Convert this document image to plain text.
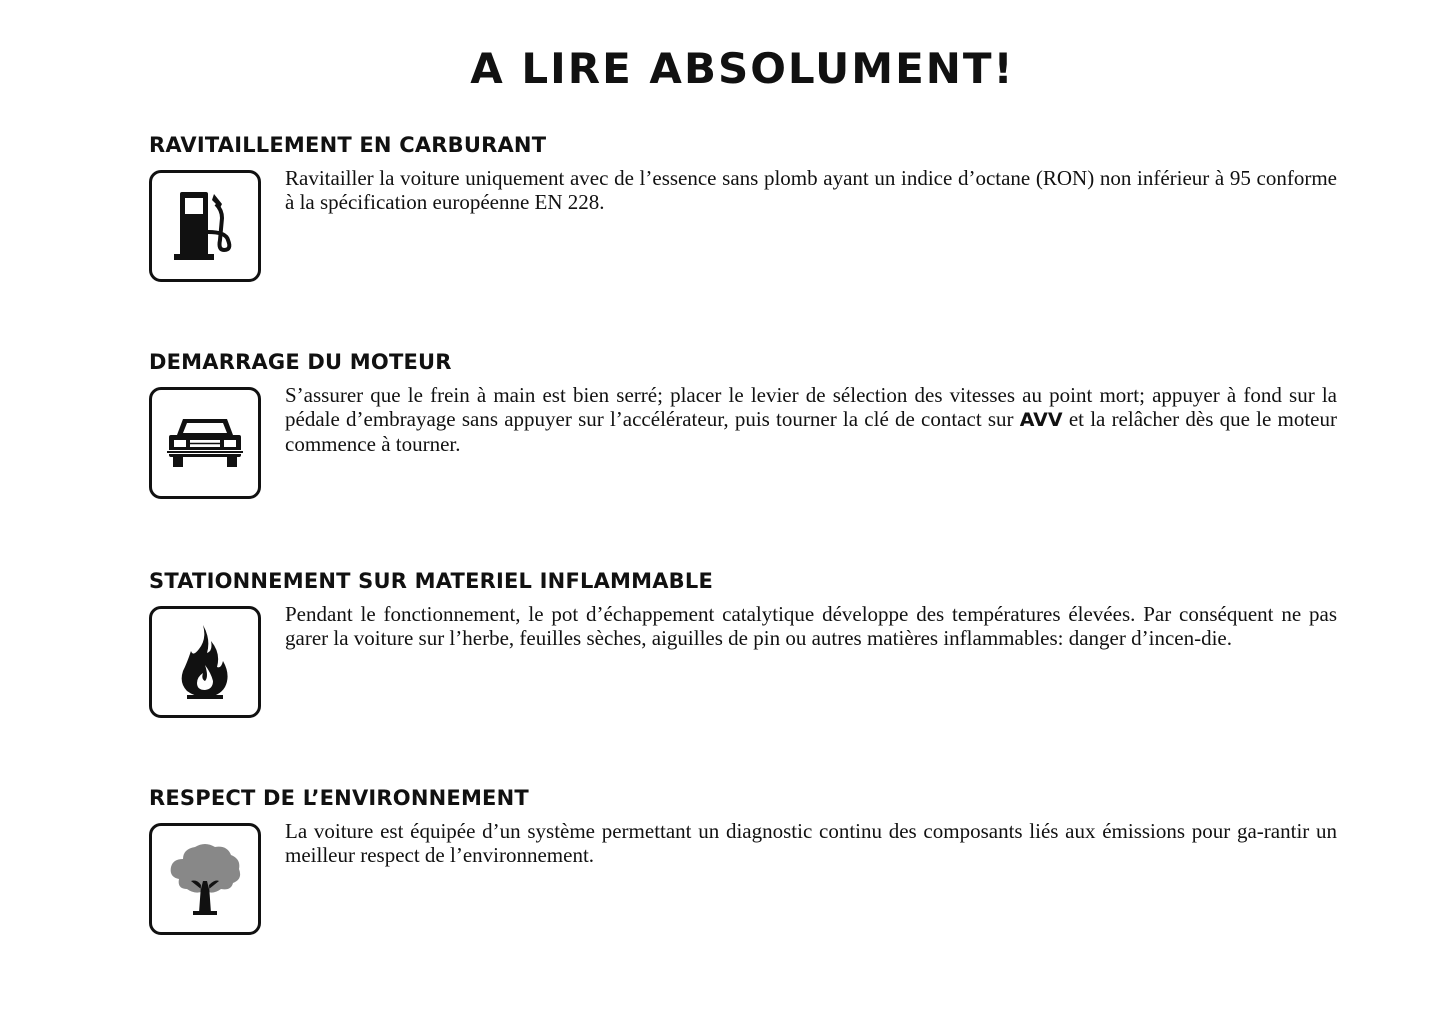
A LIRE ABSOLUMENT!
RAVITAILLEMENT EN CARBURANT

Ravitailler la voiture uniquement avec de l’essence sans plomb ayant un indice d’octane (RON) non inférieur à 95 conforme à la spécification européenne EN 228.

DEMARRAGE DU MOTEUR

S’assurer que le frein à main est bien serré; placer le levier de sélection des vitesses au point mort; appuyer à fond sur la pédale d’embrayage sans appuyer sur l’accélérateur, puis tourner la clé de contact sur AVV et la relâcher dès que le moteur commence à tourner.

STATIONNEMENT SUR MATERIEL INFLAMMABLE

Pendant le fonctionnement, le pot d’échappement catalytique développe des températures élevées. Par conséquent ne pas garer la voiture sur l’herbe, feuilles sèches, aiguilles de pin ou autres matières inflammables: danger d’incen-die.

RESPECT DE L’ENVIRONNEMENT

La voiture est équipée d’un système permettant un diagnostic continu des composants liés aux émissions pour ga-rantir un meilleur respect de l’environnement.
